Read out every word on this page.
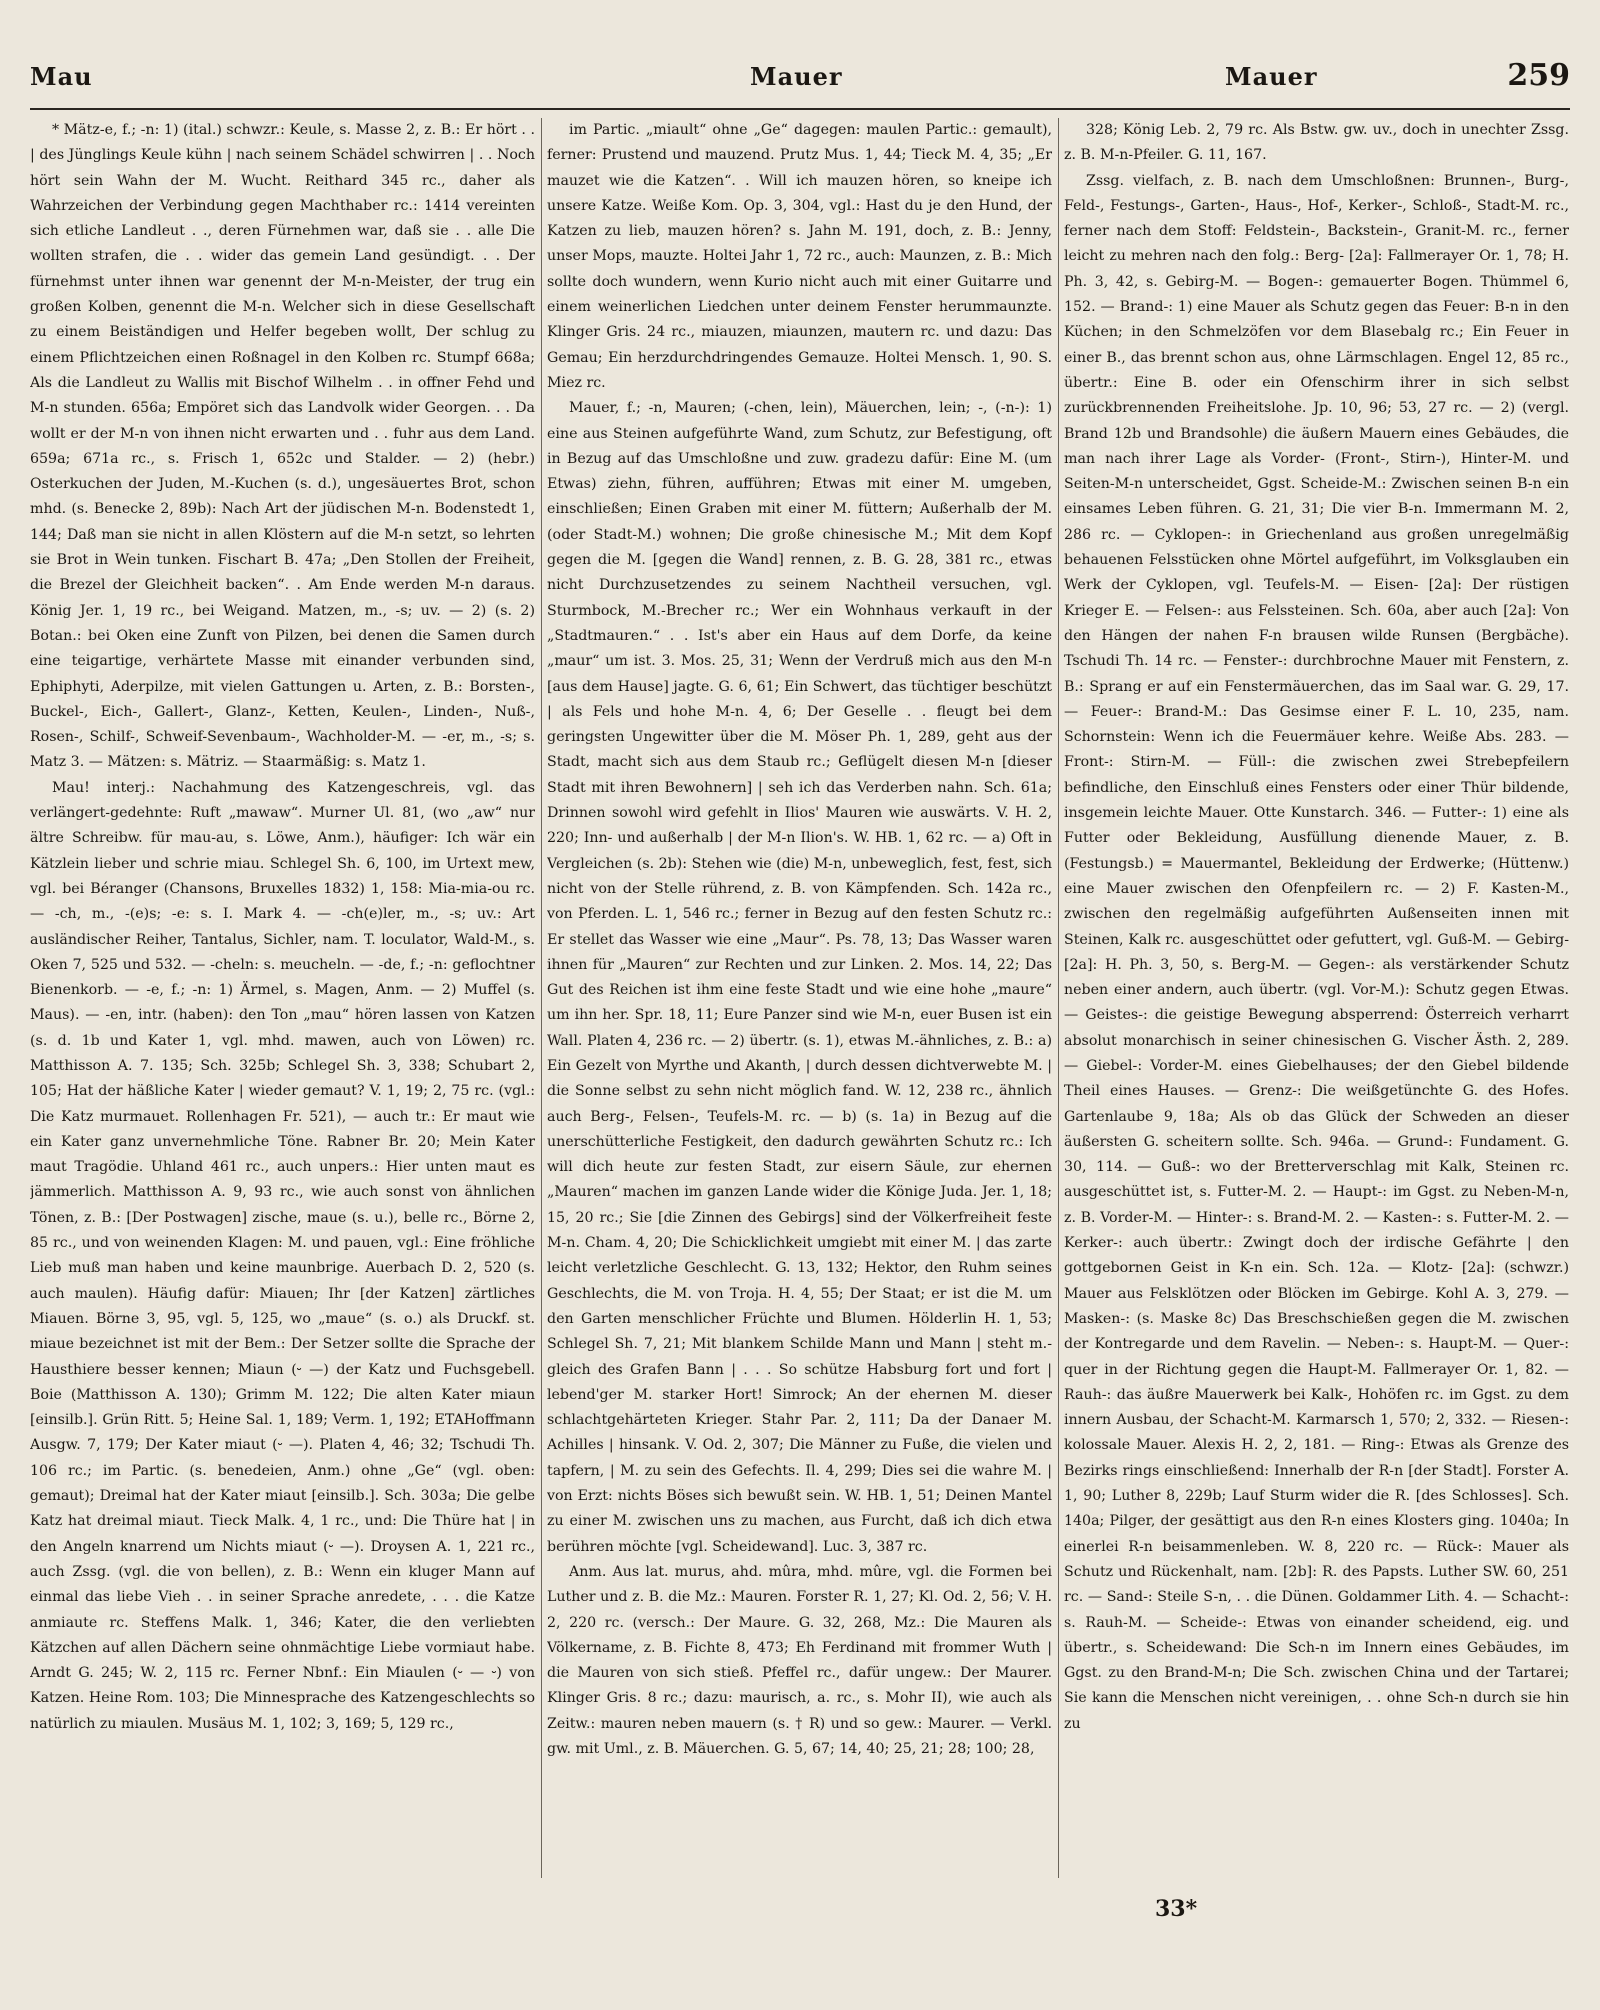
Mau	Mauer	Mauer	259

* Mätz-e, f.; -n: 1) (ital.) schwzr.: Keule, s. Masse 2, z. B.: Er hört . . | des Jünglings Keule kühn | nach seinem Schädel schwirren | . . Noch hört sein Wahn der M. Wucht. Reithard 345 rc., daher als Wahrzeichen der Verbindung gegen Machthaber rc.: 1414 vereinten sich etliche Landleut . ., deren Fürnehmen war, daß sie . . alle Die wollten strafen, die . . wider das gemein Land gesündigt. . . Der fürnehmst unter ihnen war genennt der M-n-Meister, der trug ein großen Kolben, genennt die M-n. Welcher sich in diese Gesellschaft zu einem Beiständigen und Helfer begeben wollt, Der schlug zu einem Pflichtzeichen einen Roßnagel in den Kolben rc. Stumpf 668a; Als die Landleut zu Wallis mit Bischof Wilhelm . . in offner Fehd und M-n stunden. 656a; Empöret sich das Landvolk wider Georgen. . . Da wollt er der M-n von ihnen nicht erwarten und . . fuhr aus dem Land. 659a; 671a rc., s. Frisch 1, 652c und Stalder. — 2) (hebr.) Osterkuchen der Juden, M.-Kuchen (s. d.), ungesäuertes Brot, schon mhd. (s. Benecke 2, 89b): Nach Art der jüdischen M-n. Bodenstedt 1, 144; Daß man sie nicht in allen Klöstern auf die M-n setzt, so lehrten sie Brot in Wein tunken. Fischart B. 47a; „Den Stollen der Freiheit, die Brezel der Gleichheit backen“. . Am Ende werden M-n daraus. König Jer. 1, 19 rc., bei Weigand. Matzen, m., -s; uv. — 2) (s. 2) Botan.: bei Oken eine Zunft von Pilzen, bei denen die Samen durch eine teigartige, verhärtete Masse mit einander verbunden sind, Ephiphyti, Aderpilze, mit vielen Gattungen u. Arten, z. B.: Borsten-, Buckel-, Eich-, Gallert-, Glanz-, Ketten, Keulen-, Linden-, Nuß-, Rosen-, Schilf-, Schweif-Sevenbaum-, Wachholder-M. — -er, m., -s; s. Matz 3. — Mätzen: s. Mätriz. — Staarmäßig: s. Matz 1.

Mau! interj.: Nachahmung des Katzengeschreis, vgl. das verlängert-gedehnte: Ruft „mawaw“. Murner Ul. 81, (wo „aw“ nur ältre Schreibw. für mau-au, s. Löwe, Anm.), häufiger: Ich wär ein Kätzlein lieber und schrie miau. Schlegel Sh. 6, 100, im Urtext mew, vgl. bei Béranger (Chansons, Bruxelles 1832) 1, 158: Mia-mia-ou rc. — -ch, m., -(e)s; -e: s. I. Mark 4. — -ch(e)ler, m., -s; uv.: Art ausländischer Reiher, Tantalus, Sichler, nam. T. loculator, Wald-M., s. Oken 7, 525 und 532. — -cheln: s. meucheln. — -de, f.; -n: geflochtner Bienenkorb. — -e, f.; -n: 1) Ärmel, s. Magen, Anm. — 2) Muffel (s. Maus). — -en, intr. (haben): den Ton „mau“ hören lassen von Katzen (s. d. 1b und Kater 1, vgl. mhd. mawen, auch von Löwen) rc. Matthisson A. 7. 135; Sch. 325b; Schlegel Sh. 3, 338; Schubart 2, 105; Hat der häßliche Kater | wieder gemaut? V. 1, 19; 2, 75 rc. (vgl.: Die Katz murmauet. Rollenhagen Fr. 521), — auch tr.: Er maut wie ein Kater ganz unvernehmliche Töne. Rabner Br. 20; Mein Kater maut Tragödie. Uhland 461 rc., auch unpers.: Hier unten maut es jämmerlich. Matthisson A. 9, 93 rc., wie auch sonst von ähnlichen Tönen, z. B.: [Der Postwagen] zische, maue (s. u.), belle rc., Börne 2, 85 rc., und von weinenden Klagen: M. und pauen, vgl.: Eine fröhliche Lieb muß man haben und keine maunbrige. Auerbach D. 2, 520 (s. auch maulen). Häufig dafür: Miauen; Ihr [der Katzen] zärtliches Miauen. Börne 3, 95, vgl. 5, 125, wo „maue“ (s. o.) als Druckf. st. miaue bezeichnet ist mit der Bem.: Der Setzer sollte die Sprache der Hausthiere besser kennen; Miaun (⏑ —) der Katz und Fuchsgebell. Boie (Matthisson A. 130); Grimm M. 122; Die alten Kater miaun [einsilb.]. Grün Ritt. 5; Heine Sal. 1, 189; Verm. 1, 192; ETAHoffmann Ausgw. 7, 179; Der Kater miaut (⏑ —). Platen 4, 46; 32; Tschudi Th. 106 rc.; im Partic. (s. benedeien, Anm.) ohne „Ge“ (vgl. oben: gemaut); Dreimal hat der Kater miaut [einsilb.]. Sch. 303a; Die gelbe Katz hat dreimal miaut. Tieck Malk. 4, 1 rc., und: Die Thüre hat | in den Angeln knarrend um Nichts miaut (⏑ —). Droysen A. 1, 221 rc., auch Zssg. (vgl. die von bellen), z. B.: Wenn ein kluger Mann auf einmal das liebe Vieh . . in seiner Sprache anredete, . . . die Katze anmiaute rc. Steffens Malk. 1, 346; Kater, die den verliebten Kätzchen auf allen Dächern seine ohnmächtige Liebe vormiaut habe. Arndt G. 245; W. 2, 115 rc. Ferner Nbnf.: Ein Miaulen (⏑ — ⏑) von Katzen. Heine Rom. 103; Die Minnesprache des Katzengeschlechts so natürlich zu miaulen. Musäus M. 1, 102; 3, 169; 5, 129 rc.,

im Partic. „miault“ ohne „Ge“ dagegen: maulen Partic.: gemault), ferner: Prustend und mauzend. Prutz Mus. 1, 44; Tieck M. 4, 35; „Er mauzet wie die Katzen“. . Will ich mauzen hören, so kneipe ich unsere Katze. Weiße Kom. Op. 3, 304, vgl.: Hast du je den Hund, der Katzen zu lieb, mauzen hören? s. Jahn M. 191, doch, z. B.: Jenny, unser Mops, mauzte. Holtei Jahr 1, 72 rc., auch: Maunzen, z. B.: Mich sollte doch wundern, wenn Kurio nicht auch mit einer Guitarre und einem weinerlichen Liedchen unter deinem Fenster herummaunzte. Klinger Gris. 24 rc., miauzen, miaunzen, mautern rc. und dazu: Das Gemau; Ein herzdurchdringendes Gemauze. Holtei Mensch. 1, 90. S. Miez rc.

Mauer, f.; -n, Mauren; (-chen, lein), Mäuerchen, lein; -, (-n-): 1) eine aus Steinen aufgeführte Wand, zum Schutz, zur Befestigung, oft in Bezug auf das Umschloßne und zuw. gradezu dafür: Eine M. (um Etwas) ziehn, führen, aufführen; Etwas mit einer M. umgeben, einschließen; Einen Graben mit einer M. füttern; Außerhalb der M. (oder Stadt-M.) wohnen; Die große chinesische M.; Mit dem Kopf gegen die M. [gegen die Wand] rennen, z. B. G. 28, 381 rc., etwas nicht Durchzusetzendes zu seinem Nachtheil versuchen, vgl. Sturmbock, M.-Brecher rc.; Wer ein Wohnhaus verkauft in der „Stadtmauren.“ . . Ist's aber ein Haus auf dem Dorfe, da keine „maur“ um ist. 3. Mos. 25, 31; Wenn der Verdruß mich aus den M-n [aus dem Hause] jagte. G. 6, 61; Ein Schwert, das tüchtiger beschützt | als Fels und hohe M-n. 4, 6; Der Geselle . . fleugt bei dem geringsten Ungewitter über die M. Möser Ph. 1, 289, geht aus der Stadt, macht sich aus dem Staub rc.; Geflügelt diesen M-n [dieser Stadt mit ihren Bewohnern] | seh ich das Verderben nahn. Sch. 61a; Drinnen sowohl wird gefehlt in Ilios' Mauren wie auswärts. V. H. 2, 220; Inn- und außerhalb | der M-n Ilion's. W. HB. 1, 62 rc. — a) Oft in Vergleichen (s. 2b): Stehen wie (die) M-n, unbeweglich, fest, fest, sich nicht von der Stelle rührend, z. B. von Kämpfenden. Sch. 142a rc., von Pferden. L. 1, 546 rc.; ferner in Bezug auf den festen Schutz rc.: Er stellet das Wasser wie eine „Maur“. Ps. 78, 13; Das Wasser waren ihnen für „Mauren“ zur Rechten und zur Linken. 2. Mos. 14, 22; Das Gut des Reichen ist ihm eine feste Stadt und wie eine hohe „maure“ um ihn her. Spr. 18, 11; Eure Panzer sind wie M-n, euer Busen ist ein Wall. Platen 4, 236 rc. — 2) übertr. (s. 1), etwas M.-ähnliches, z. B.: a) Ein Gezelt von Myrthe und Akanth, | durch dessen dichtverwebte M. | die Sonne selbst zu sehn nicht möglich fand. W. 12, 238 rc., ähnlich auch Berg-, Felsen-, Teufels-M. rc. — b) (s. 1a) in Bezug auf die unerschütterliche Festigkeit, den dadurch gewährten Schutz rc.: Ich will dich heute zur festen Stadt, zur eisern Säule, zur ehernen „Mauren“ machen im ganzen Lande wider die Könige Juda. Jer. 1, 18; 15, 20 rc.; Sie [die Zinnen des Gebirgs] sind der Völkerfreiheit feste M-n. Cham. 4, 20; Die Schicklichkeit umgiebt mit einer M. | das zarte leicht verletzliche Geschlecht. G. 13, 132; Hektor, den Ruhm seines Geschlechts, die M. von Troja. H. 4, 55; Der Staat; er ist die M. um den Garten menschlicher Früchte und Blumen. Hölderlin H. 1, 53; Schlegel Sh. 7, 21; Mit blankem Schilde Mann und Mann | steht m.-gleich des Grafen Bann | . . . So schütze Habsburg fort und fort | lebend'ger M. starker Hort! Simrock; An der ehernen M. dieser schlachtgehärteten Krieger. Stahr Par. 2, 111; Da der Danaer M. Achilles | hinsank. V. Od. 2, 307; Die Männer zu Fuße, die vielen und tapfern, | M. zu sein des Gefechts. Il. 4, 299; Dies sei die wahre M. | von Erzt: nichts Böses sich bewußt sein. W. HB. 1, 51; Deinen Mantel zu einer M. zwischen uns zu machen, aus Furcht, daß ich dich etwa berühren möchte [vgl. Scheidewand]. Luc. 3, 387 rc.

Anm. Aus lat. murus, ahd. mûra, mhd. mûre, vgl. die Formen bei Luther und z. B. die Mz.: Mauren. Forster R. 1, 27; Kl. Od. 2, 56; V. H. 2, 220 rc. (versch.: Der Maure. G. 32, 268, Mz.: Die Mauren als Völkername, z. B. Fichte 8, 473; Eh Ferdinand mit frommer Wuth | die Mauren von sich stieß. Pfeffel rc., dafür ungew.: Der Maurer. Klinger Gris. 8 rc.; dazu: maurisch, a. rc., s. Mohr II), wie auch als Zeitw.: mauren neben mauern (s. † R) und so gew.: Maurer. — Verkl. gw. mit Uml., z. B. Mäuerchen. G. 5, 67; 14, 40; 25, 21; 28; 100; 28,

328; König Leb. 2, 79 rc. Als Bstw. gw. uv., doch in unechter Zssg. z. B. M-n-Pfeiler. G. 11, 167.

Zssg. vielfach, z. B. nach dem Umschloßnen: Brunnen-, Burg-, Feld-, Festungs-, Garten-, Haus-, Hof-, Kerker-, Schloß-, Stadt-M. rc., ferner nach dem Stoff: Feldstein-, Backstein-, Granit-M. rc., ferner leicht zu mehren nach den folg.: Berg- [2a]: Fallmerayer Or. 1, 78; H. Ph. 3, 42, s. Gebirg-M. — Bogen-: gemauerter Bogen. Thümmel 6, 152. — Brand-: 1) eine Mauer als Schutz gegen das Feuer: B-n in den Küchen; in den Schmelzöfen vor dem Blasebalg rc.; Ein Feuer in einer B., das brennt schon aus, ohne Lärmschlagen. Engel 12, 85 rc., übertr.: Eine B. oder ein Ofenschirm ihrer in sich selbst zurückbrennenden Freiheitslohe. Jp. 10, 96; 53, 27 rc. — 2) (vergl. Brand 12b und Brandsohle) die äußern Mauern eines Gebäudes, die man nach ihrer Lage als Vorder- (Front-, Stirn-), Hinter-M. und Seiten-M-n unterscheidet, Ggst. Scheide-M.: Zwischen seinen B-n ein einsames Leben führen. G. 21, 31; Die vier B-n. Immermann M. 2, 286 rc. — Cyklopen-: in Griechenland aus großen unregelmäßig behauenen Felsstücken ohne Mörtel aufgeführt, im Volksglauben ein Werk der Cyklopen, vgl. Teufels-M. — Eisen- [2a]: Der rüstigen Krieger E. — Felsen-: aus Felssteinen. Sch. 60a, aber auch [2a]: Von den Hängen der nahen F-n brausen wilde Runsen (Bergbäche). Tschudi Th. 14 rc. — Fenster-: durchbrochne Mauer mit Fenstern, z. B.: Sprang er auf ein Fenstermäuerchen, das im Saal war. G. 29, 17. — Feuer-: Brand-M.: Das Gesimse einer F. L. 10, 235, nam. Schornstein: Wenn ich die Feuermäuer kehre. Weiße Abs. 283. — Front-: Stirn-M. — Füll-: die zwischen zwei Strebepfeilern befindliche, den Einschluß eines Fensters oder einer Thür bildende, insgemein leichte Mauer. Otte Kunstarch. 346. — Futter-: 1) eine als Futter oder Bekleidung, Ausfüllung dienende Mauer, z. B. (Festungsb.) = Mauermantel, Bekleidung der Erdwerke; (Hüttenw.) eine Mauer zwischen den Ofenpfeilern rc. — 2) F. Kasten-M., zwischen den regelmäßig aufgeführten Außenseiten innen mit Steinen, Kalk rc. ausgeschüttet oder gefuttert, vgl. Guß-M. — Gebirg- [2a]: H. Ph. 3, 50, s. Berg-M. — Gegen-: als verstärkender Schutz neben einer andern, auch übertr. (vgl. Vor-M.): Schutz gegen Etwas. — Geistes-: die geistige Bewegung absperrend: Österreich verharrt absolut monarchisch in seiner chinesischen G. Vischer Ästh. 2, 289. — Giebel-: Vorder-M. eines Giebelhauses; der den Giebel bildende Theil eines Hauses. — Grenz-: Die weißgetünchte G. des Hofes. Gartenlaube 9, 18a; Als ob das Glück der Schweden an dieser äußersten G. scheitern sollte. Sch. 946a. — Grund-: Fundament. G. 30, 114. — Guß-: wo der Bretterverschlag mit Kalk, Steinen rc. ausgeschüttet ist, s. Futter-M. 2. — Haupt-: im Ggst. zu Neben-M-n, z. B. Vorder-M. — Hinter-: s. Brand-M. 2. — Kasten-: s. Futter-M. 2. — Kerker-: auch übertr.: Zwingt doch der irdische Gefährte | den gottgebornen Geist in K-n ein. Sch. 12a. — Klotz- [2a]: (schwzr.) Mauer aus Felsklötzen oder Blöcken im Gebirge. Kohl A. 3, 279. — Masken-: (s. Maske 8c) Das Breschschießen gegen die M. zwischen der Kontregarde und dem Ravelin. — Neben-: s. Haupt-M. — Quer-: quer in der Richtung gegen die Haupt-M. Fallmerayer Or. 1, 82. — Rauh-: das äußre Mauerwerk bei Kalk-, Hohöfen rc. im Ggst. zu dem innern Ausbau, der Schacht-M. Karmarsch 1, 570; 2, 332. — Riesen-: kolossale Mauer. Alexis H. 2, 2, 181. — Ring-: Etwas als Grenze des Bezirks rings einschließend: Innerhalb der R-n [der Stadt]. Forster A. 1, 90; Luther 8, 229b; Lauf Sturm wider die R. [des Schlosses]. Sch. 140a; Pilger, der gesättigt aus den R-n eines Klosters ging. 1040a; In einerlei R-n beisammenleben. W. 8, 220 rc. — Rück-: Mauer als Schutz und Rückenhalt, nam. [2b]: R. des Papsts. Luther SW. 60, 251 rc. — Sand-: Steile S-n, . . die Dünen. Goldammer Lith. 4. — Schacht-: s. Rauh-M. — Scheide-: Etwas von einander scheidend, eig. und übertr., s. Scheidewand: Die Sch-n im Innern eines Gebäudes, im Ggst. zu den Brand-M-n; Die Sch. zwischen China und der Tartarei; Sie kann die Menschen nicht vereinigen, . . ohne Sch-n durch sie hin zu

33*
